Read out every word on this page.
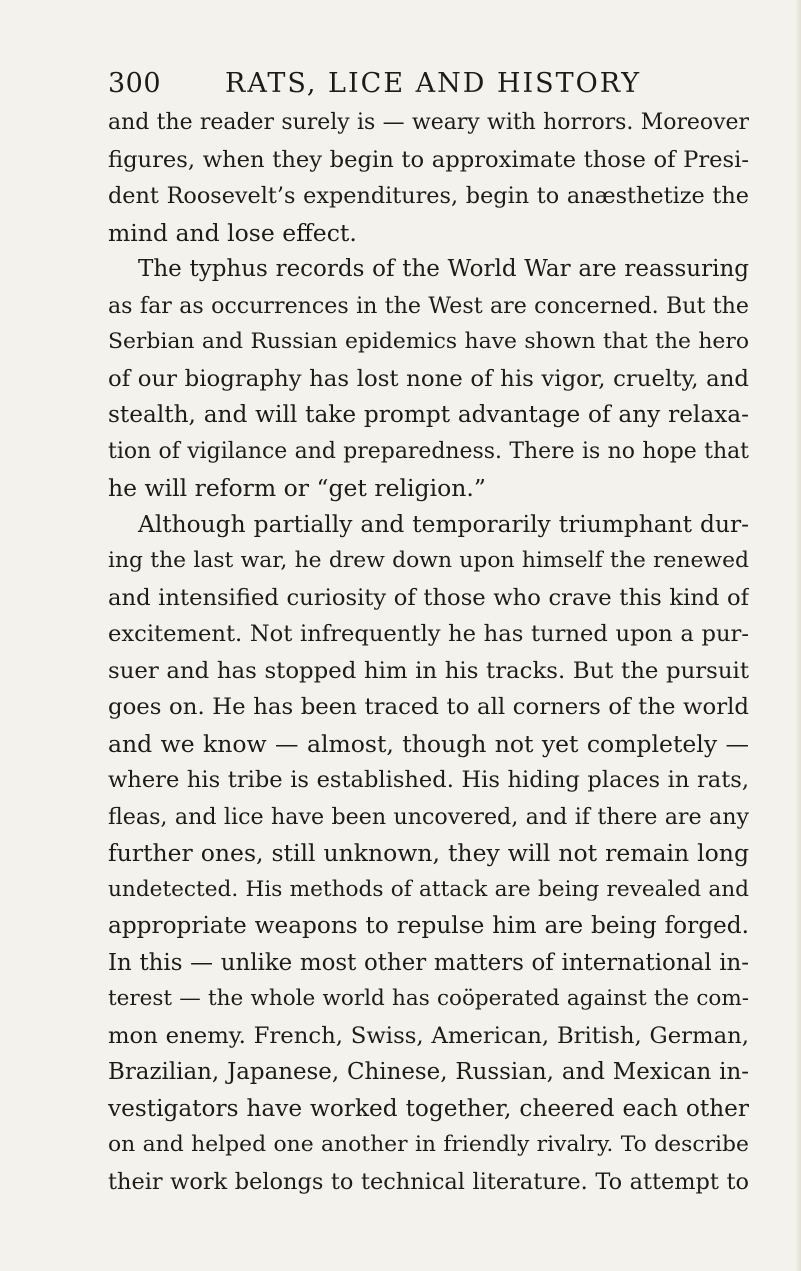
300 RATS, LICE AND HISTORY
and the reader surely is — weary with horrors. Moreover
figures, when they begin to approximate those of Presi-
dent Roosevelt’s expenditures, begin to anæsthetize the
mind and lose effect.
The typhus records of the World War are reassuring
as far as occurrences in the West are concerned. But the
Serbian and Russian epidemics have shown that the hero
of our biography has lost none of his vigor, cruelty, and
stealth, and will take prompt advantage of any relaxa-
tion of vigilance and preparedness. There is no hope that
he will reform or “get religion.”
Although partially and temporarily triumphant dur-
ing the last war, he drew down upon himself the renewed
and intensified curiosity of those who crave this kind of
excitement. Not infrequently he has turned upon a pur-
suer and has stopped him in his tracks. But the pursuit
goes on. He has been traced to all corners of the world
and we know — almost, though not yet completely —
where his tribe is established. His hiding places in rats,
fleas, and lice have been uncovered, and if there are any
further ones, still unknown, they will not remain long
undetected. His methods of attack are being revealed and
appropriate weapons to repulse him are being forged.
In this — unlike most other matters of international in-
terest — the whole world has coöperated against the com-
mon enemy. French, Swiss, American, British, German,
Brazilian, Japanese, Chinese, Russian, and Mexican in-
vestigators have worked together, cheered each other
on and helped one another in friendly rivalry. To describe
their work belongs to technical literature. To attempt to
